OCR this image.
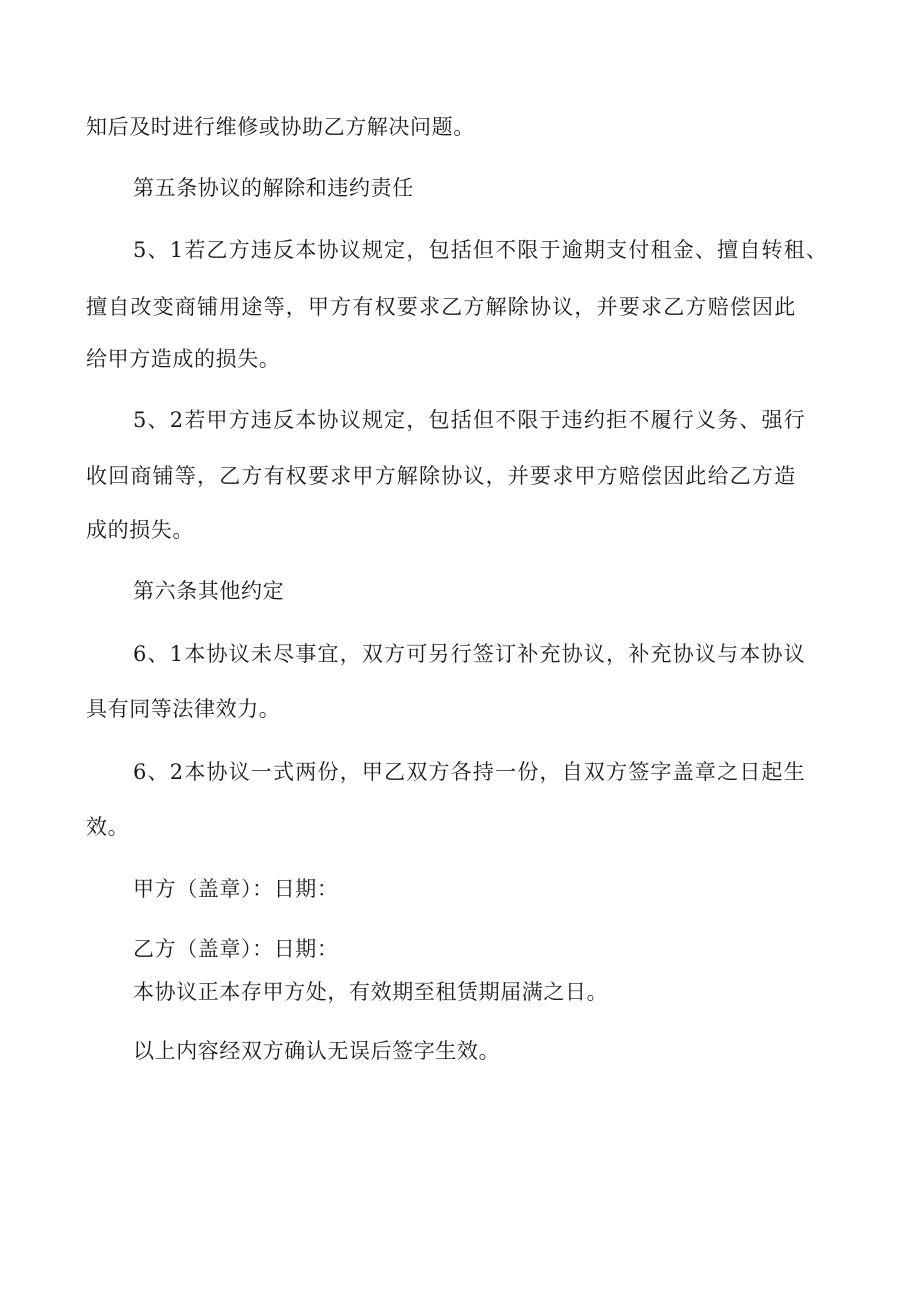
知后及时进行维修或协助乙方解决问题。

第五条协议的解除和违约责任

5、1若乙方违反本协议规定，包括但不限于逾期支付租金、擅自转租、

擅自改变商铺用途等，甲方有权要求乙方解除协议，并要求乙方赔偿因此

给甲方造成的损失。

5、2若甲方违反本协议规定，包括但不限于违约拒不履行义务、强行

收回商铺等，乙方有权要求甲方解除协议，并要求甲方赔偿因此给乙方造

成的损失。

第六条其他约定

6、1本协议未尽事宜，双方可另行签订补充协议，补充协议与本协议

具有同等法律效力。

6、2本协议一式两份，甲乙双方各持一份，自双方签字盖章之日起生

效。

甲方（盖章）：日期：

乙方（盖章）：日期：

本协议正本存甲方处，有效期至租赁期届满之日。

以上内容经双方确认无误后签字生效。
